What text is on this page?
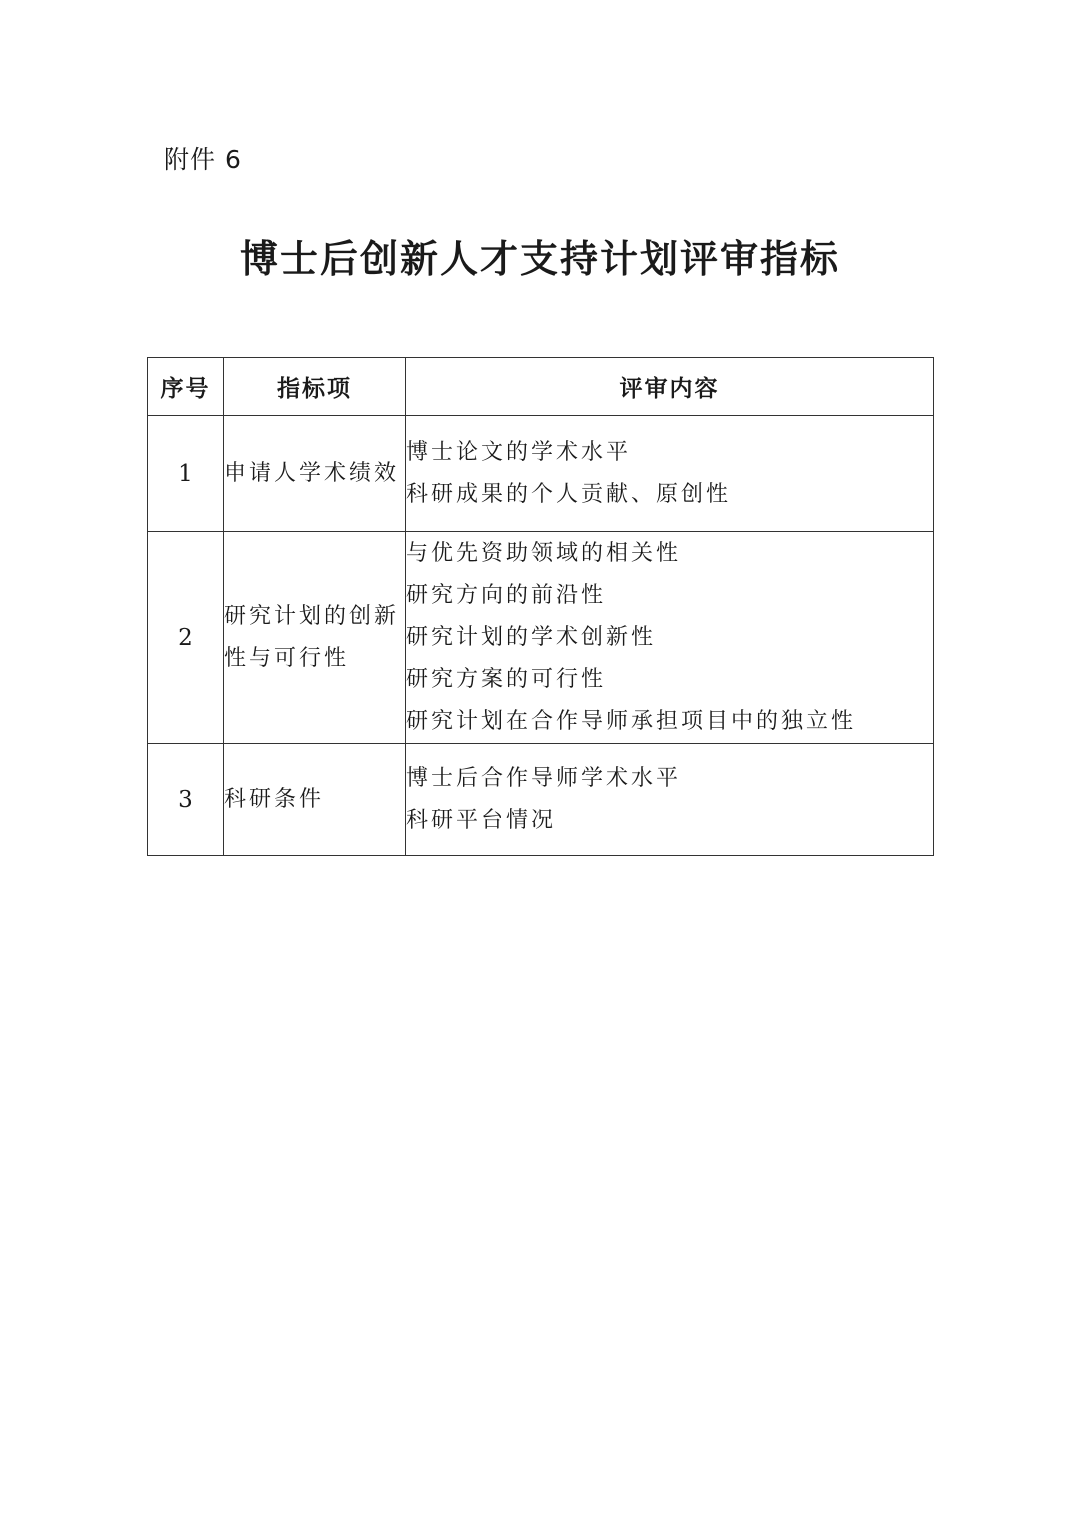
附件 6
博士后创新人才支持计划评审指标
序号	指标项	评审内容
1	申请人学术绩效	博士论文的学术水平
科研成果的个人贡献、原创性

2	研究计划的创新性与可行性	与优先资助领域的相关性
研究方向的前沿性
研究计划的学术创新性
研究方案的可行性
研究计划在合作导师承担项目中的独立性

3	科研条件	博士后合作导师学术水平
科研平台情况
